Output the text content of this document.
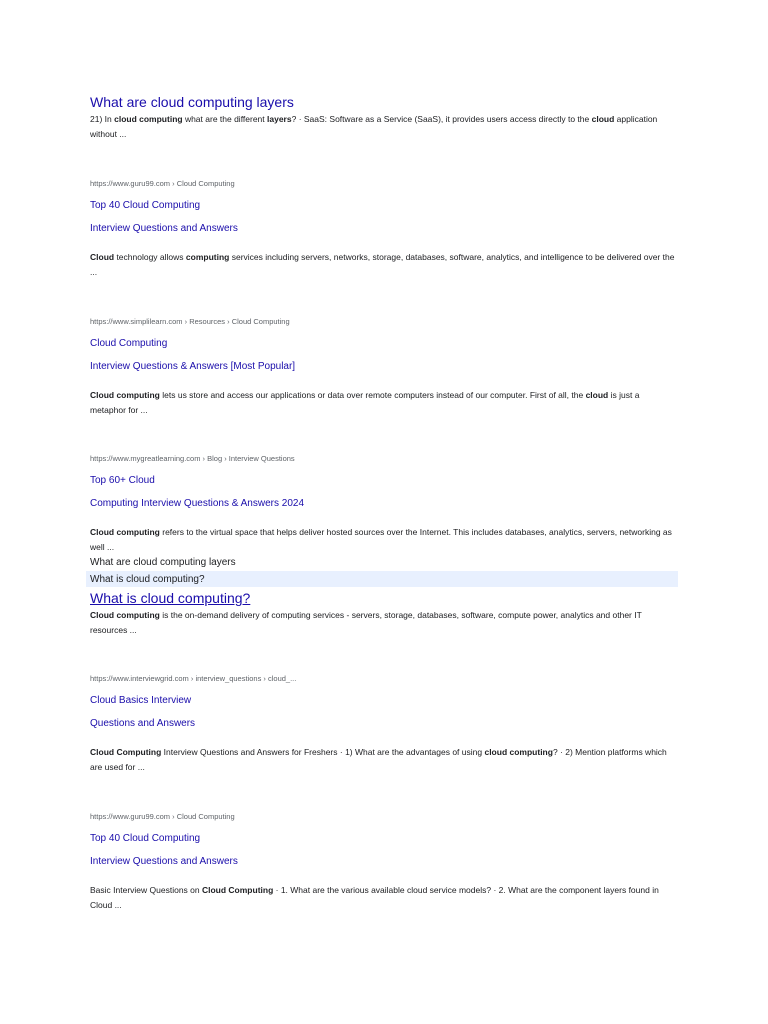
What are cloud computing layers
21) In cloud computing what are the different layers? · SaaS: Software as a Service (SaaS), it provides users access directly to the cloud application without ...
https://www.guru99.com › Cloud Computing
Top 40 Cloud Computing
Interview Questions and Answers
Cloud technology allows computing services including servers, networks, storage, databases, software, analytics, and intelligence to be delivered over the ...
https://www.simplilearn.com › Resources › Cloud Computing
Cloud Computing
Interview Questions & Answers [Most Popular]
Cloud computing lets us store and access our applications or data over remote computers instead of our computer. First of all, the cloud is just a metaphor for ...
https://www.mygreatlearning.com › Blog › Interview Questions
Top 60+ Cloud
Computing Interview Questions & Answers 2024
Cloud computing refers to the virtual space that helps deliver hosted sources over the Internet. This includes databases, analytics, servers, networking as well ...
What are cloud computing layers
What is cloud computing?
What is cloud computing?
Cloud computing is the on-demand delivery of computing services - servers, storage, databases, software, compute power, analytics and other IT resources ...
https://www.interviewgrid.com › interview_questions › cloud_...
Cloud Basics Interview
Questions and Answers
Cloud Computing Interview Questions and Answers for Freshers · 1) What are the advantages of using cloud computing? · 2) Mention platforms which are used for ...
https://www.guru99.com › Cloud Computing
Top 40 Cloud Computing
Interview Questions and Answers
Basic Interview Questions on Cloud Computing · 1. What are the various available cloud service models? · 2. What are the component layers found in Cloud ...
